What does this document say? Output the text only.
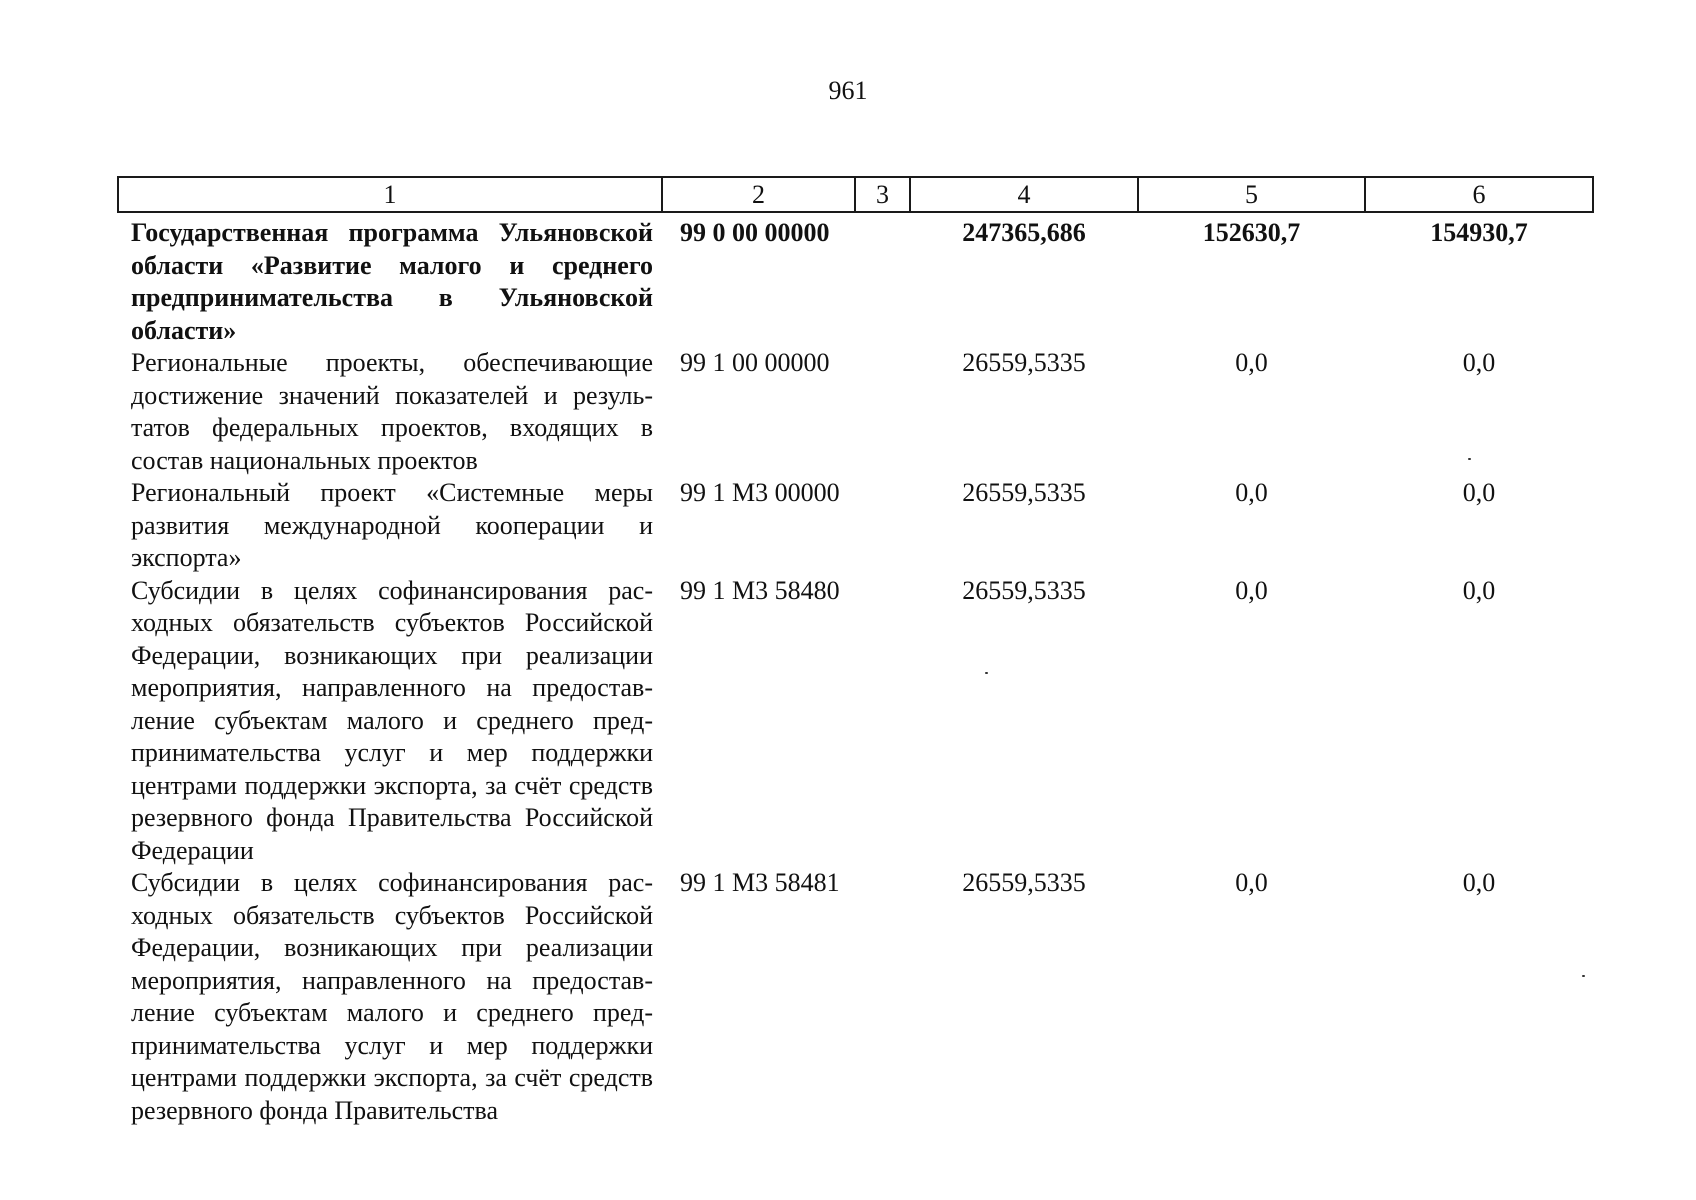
961
1	2	3	4	5	6
Государственная программа Ульяновской области «Развитие малого и среднего предпринимательства в Ульяновской области»	99 0 00 00000		247365,686	152630,7	154930,7
Региональные проекты, обеспечивающие достижение значений показателей и результатов федеральных проектов, входящих в состав национальных проектов	99 1 00 00000		26559,5335	0,0	0,0
Региональный проект «Системные меры развития международной кооперации и экспорта»	99 1 М3 00000		26559,5335	0,0	0,0
Субсидии в целях софинансирования расходных обязательств субъектов Российской Федерации, возникающих при реализации мероприятия, направленного на предоставление субъектам малого и среднего предпринимательства услуг и мер поддержки центрами поддержки экспорта, за счёт средств резервного фонда Правительства Российской Федерации	99 1 М3 58480		26559,5335	0,0	0,0
Субсидии в целях софинансирования расходных обязательств субъектов Российской Федерации, возникающих при реализации мероприятия, направленного на предоставление субъектам малого и среднего предпринимательства услуг и мер поддержки центрами поддержки экспорта, за счёт средств резервного фонда Правительства	99 1 М3 58481		26559,5335	0,0	0,0
